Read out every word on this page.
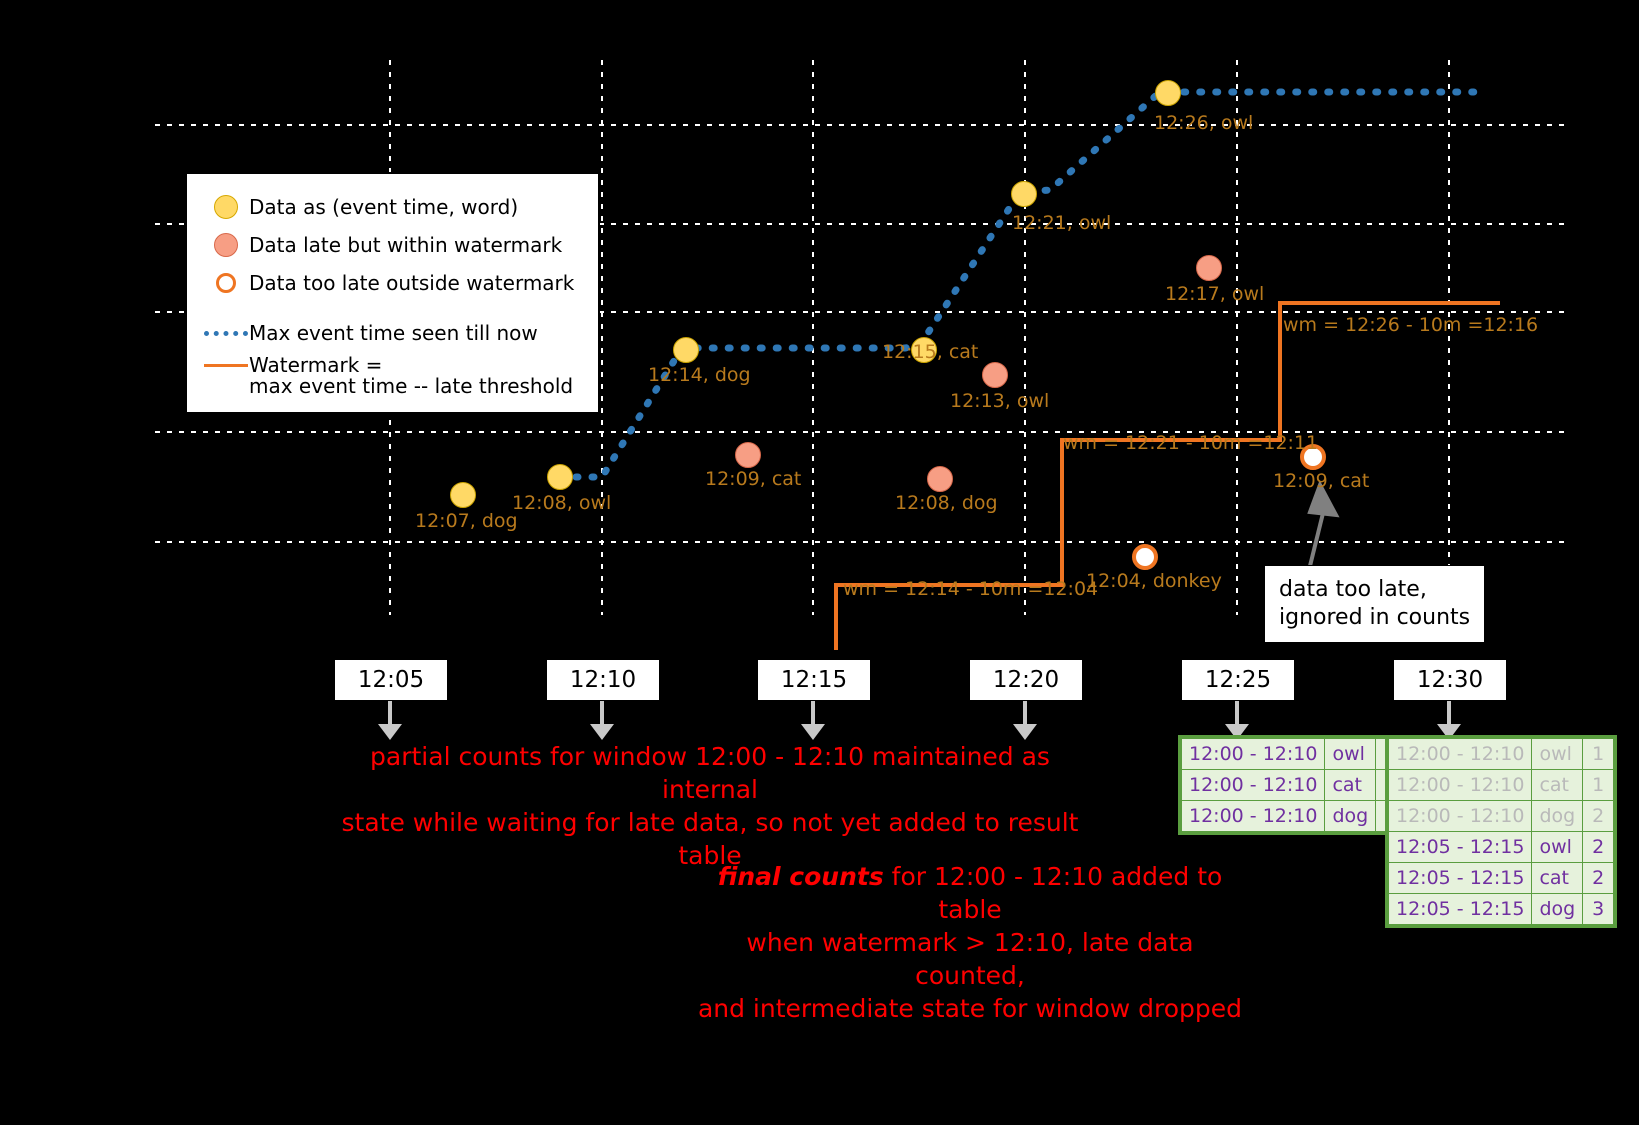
Data as (event time, word)
Data late but within watermark
Data too late outside watermark
Max event time seen till now
Watermark =
max event time -- late threshold
12:07, dog
12:08, owl
12:14, dog
12:15, cat
12:21, owl
12:26, owl
12:09, cat
12:08, dog
12:13, owl
12:17, owl
12:04, donkey
12:09, cat
wm = 12:14 - 10m =12:04
wm = 12:21 - 10m =12:11
wm = 12:26 - 10m =12:16
12:05	12:10	12:15	12:20	12:25	12:30
data too late,
ignored in counts
partial counts for window 12:00 - 12:10 maintained as internal
state while waiting for late data, so not yet added to result table
final counts for 12:00 - 12:10 added to table
when watermark > 12:10, late data counted,
and intermediate state for window dropped
12:00 - 12:10	owl	
12:00 - 12:10	cat	
12:00 - 12:10	dog	
12:00 - 12:10	owl	1
12:00 - 12:10	cat	1
12:00 - 12:10	dog	2
12:05 - 12:15	owl	2
12:05 - 12:15	cat	2
12:05 - 12:15	dog	3
